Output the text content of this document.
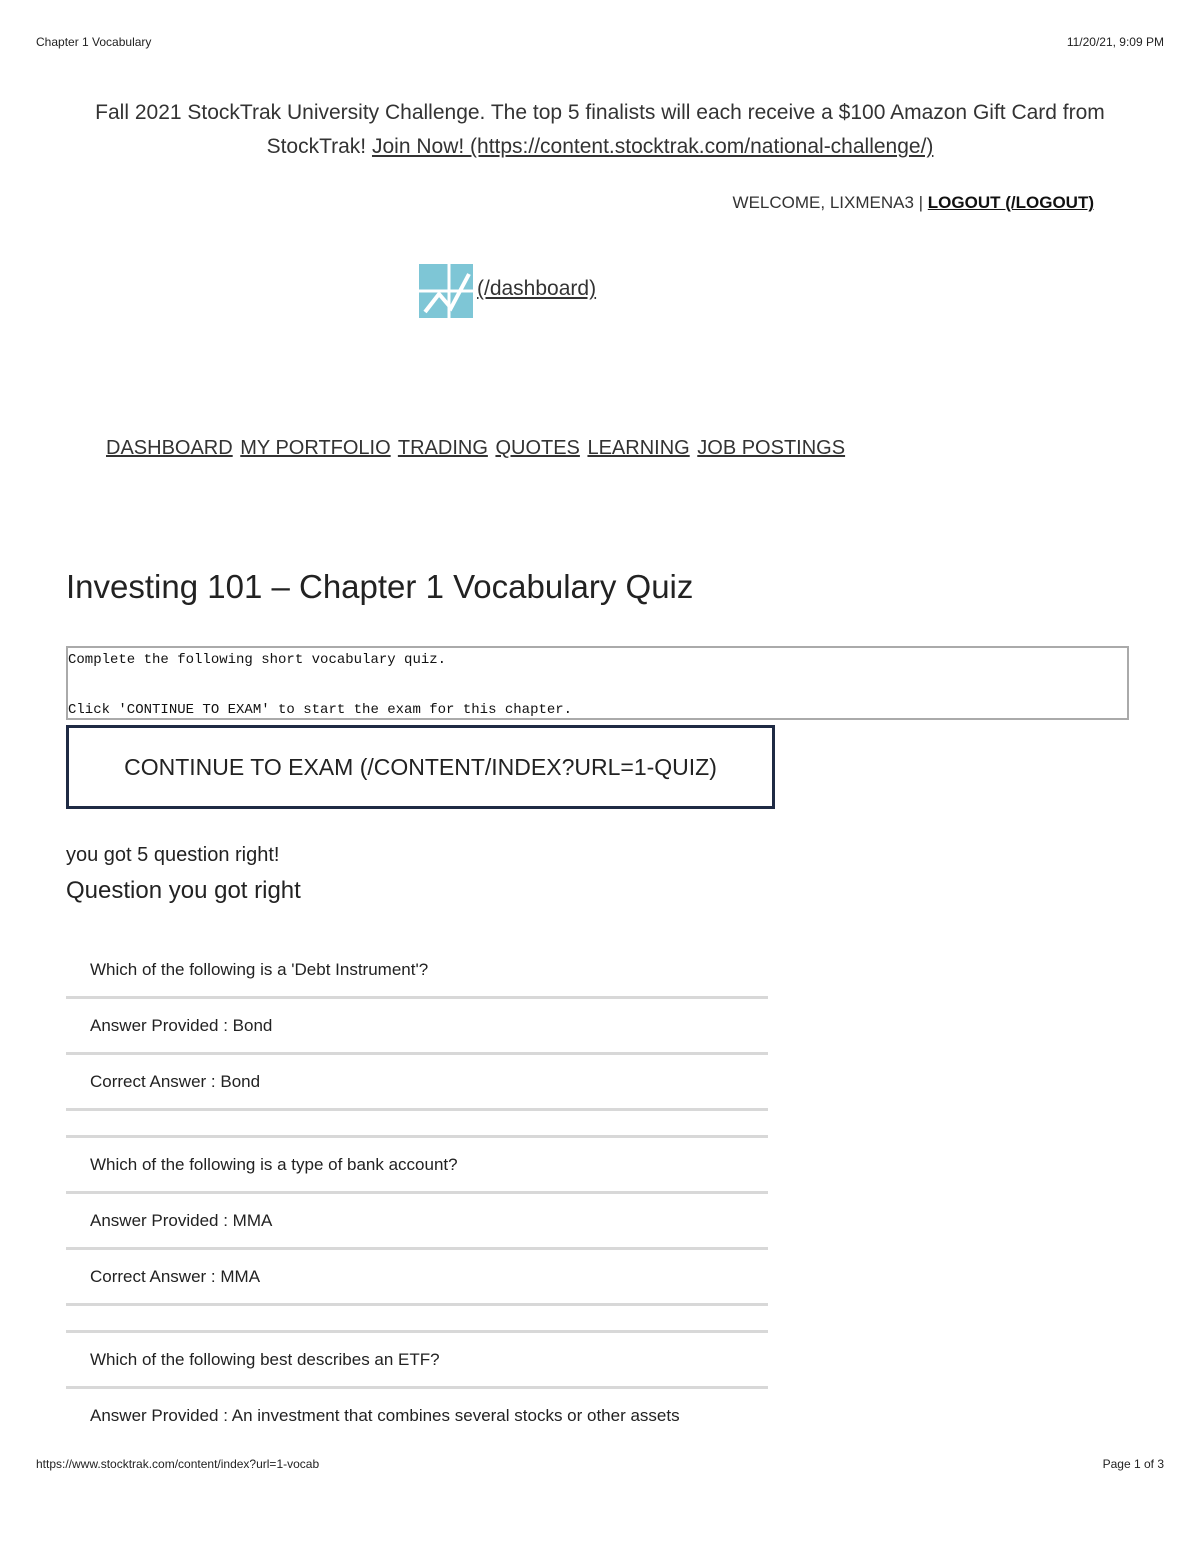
Chapter 1 Vocabulary	11/20/21, 9:09 PM
Fall 2021 StockTrak University Challenge. The top 5 finalists will each receive a $100 Amazon Gift Card from StockTrak! Join Now! (https://content.stocktrak.com/national-challenge/)
WELCOME, LIXMENA3 | LOGOUT (/LOGOUT)
(/dashboard)
DASHBOARD MY PORTFOLIO TRADING QUOTES LEARNING JOB POSTINGS
Investing 101 – Chapter 1 Vocabulary Quiz
Complete the following short vocabulary quiz.
Click 'CONTINUE TO EXAM' to start the exam for this chapter.
CONTINUE TO EXAM (/CONTENT/INDEX?URL=1-QUIZ)
you got 5 question right!
Question you got right
Which of the following is a 'Debt Instrument'?
Answer Provided : Bond
Correct Answer : Bond
Which of the following is a type of bank account?
Answer Provided : MMA
Correct Answer : MMA
Which of the following best describes an ETF?
Answer Provided : An investment that combines several stocks or other assets
https://www.stocktrak.com/content/index?url=1-vocab	Page 1 of 3
